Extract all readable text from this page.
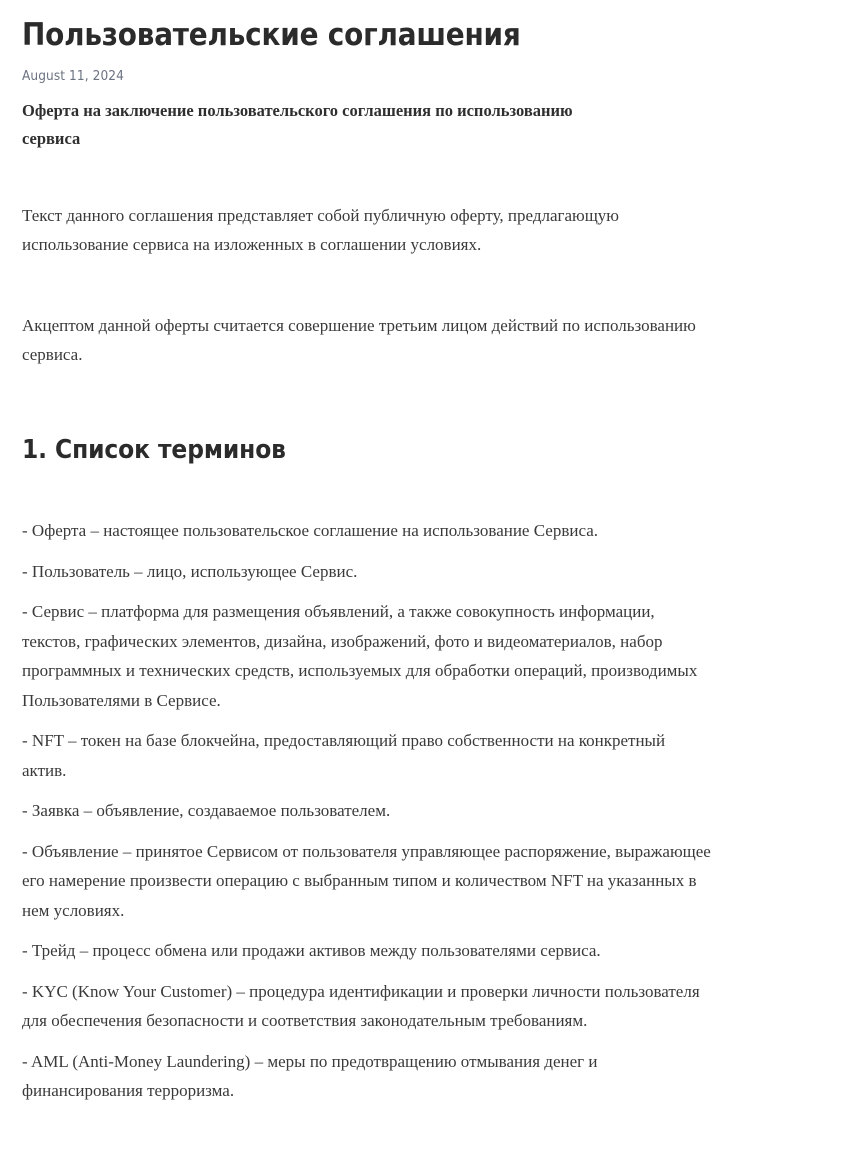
Пользовательские соглашения
August 11, 2024
Оферта на заключение пользовательского соглашения по использованию сервиса

Текст данного соглашения представляет собой публичную оферту, предлагающую использование сервиса на изложенных в соглашении условиях.

Акцептом данной оферты считается совершение третьим лицом действий по использованию сервиса.

1. Список терминов
- Оферта – настоящее пользовательское соглашение на использование Сервиса.
- Пользователь – лицо, использующее Сервис.
- Сервис – платформа для размещения объявлений, а также совокупность информации, текстов, графических элементов, дизайна, изображений, фото и видеоматериалов, набор программных и технических средств, используемых для обработки операций, производимых Пользователями в Сервисе.
- NFT – токен на базе блокчейна, предоставляющий право собственности на конкретный актив.
- Заявка – объявление, создаваемое пользователем.
- Объявление – принятое Сервисом от пользователя управляющее распоряжение, выражающее его намерение произвести операцию с выбранным типом и количеством NFT на указанных в нем условиях.
- Трейд – процесс обмена или продажи активов между пользователями сервиса.
- KYC (Know Your Customer) – процедура идентификации и проверки личности пользователя для обеспечения безопасности и соответствия законодательным требованиям.
- AML (Anti-Money Laundering) – меры по предотвращению отмывания денег и финансирования терроризма.
